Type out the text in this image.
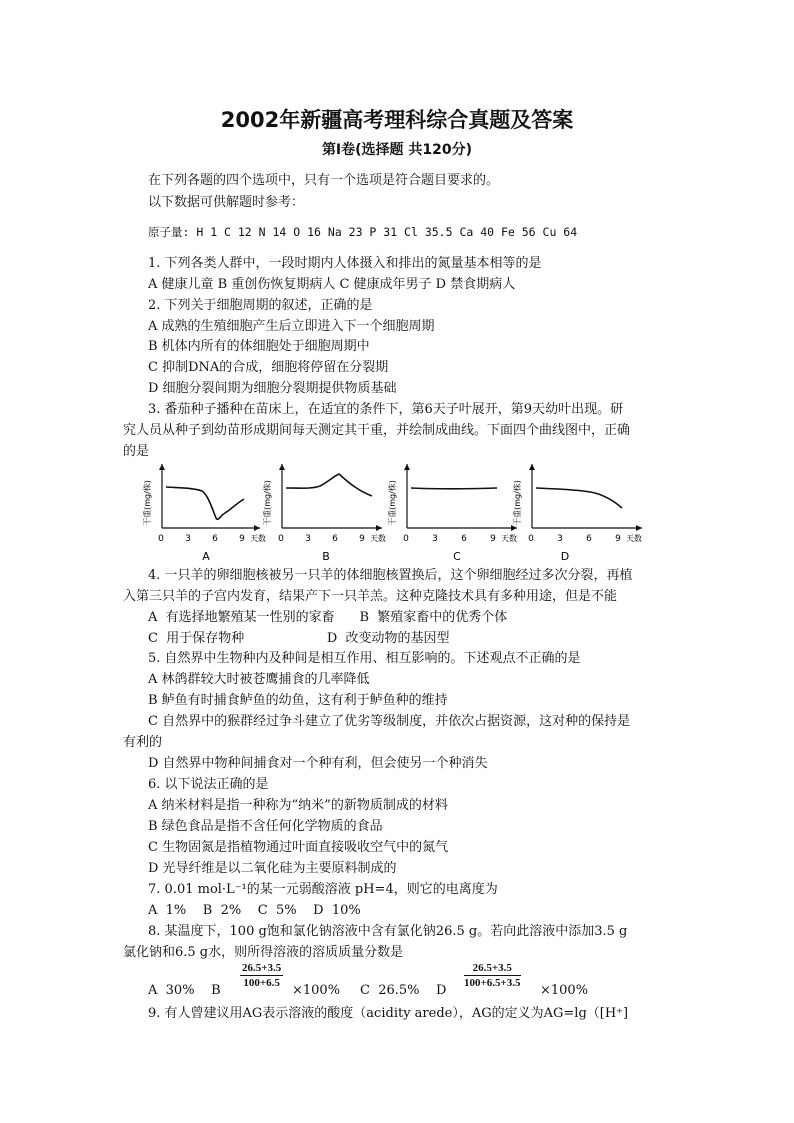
2002年新疆高考理科综合真题及答案
第I卷(选择题 共120分)
在下列各题的四个选项中，只有一个选项是符合题目要求的。
以下数据可供解题时参考：
原子量: H 1 C 12 N 14 O 16 Na 23 P 31 Cl 35.5 Ca 40 Fe 56 Cu 64
1. 下列各类人群中，一段时期内人体摄入和排出的氮量基本相等的是
A 健康儿童 B 重创伤恢复期病人 C 健康成年男子 D 禁食期病人
2. 下列关于细胞周期的叙述，正确的是
A 成熟的生殖细胞产生后立即进入下一个细胞周期
B 机体内所有的体细胞处于细胞周期中
C 抑制DNA的合成，细胞将停留在分裂期
D 细胞分裂间期为细胞分裂期提供物质基础
3. 番茄种子播种在苗床上，在适宜的条件下，第6天子叶展开，第9天幼叶出现。研
究人员从种子到幼苗形成期间每天测定其干重，并绘制成曲线。下面四个曲线图中，正确
的是
干重(mg/株)
0 3 6 9 天数
A
干重(mg/株)
0 3 6 9 天数
B
干重(mg/株)
0	3	6	9 天数
C
干重(mg/株)
0	3	6	9 天数
D
4. 一只羊的卵细胞核被另一只羊的体细胞核置换后，这个卵细胞经过多次分裂，再植
入第三只羊的子宫内发育，结果产下一只羊羔。这种克隆技术具有多种用途，但是不能
A  有选择地繁殖某一性别的家畜      B  繁殖家畜中的优秀个体
C  用于保存物种                    D  改变动物的基因型
5. 自然界中生物种内及种间是相互作用、相互影响的。下述观点不正确的是
A 林鸽群较大时被苍鹰捕食的几率降低
B 鲈鱼有时捕食鲈鱼的幼鱼，这有利于鲈鱼种的维持
C 自然界中的猴群经过争斗建立了优劣等级制度，并依次占据资源，这对种的保持是
有利的
D 自然界中物种间捕食对一个种有利，但会使另一个种消失
6. 以下说法正确的是
A 纳米材料是指一种称为“纳米”的新物质制成的材料
B 绿色食品是指不含任何化学物质的食品
C 生物固氮是指植物通过叶面直接吸收空气中的氮气
D 光导纤维是以二氧化硅为主要原料制成的
7. 0.01 mol·L⁻¹的某一元弱酸溶液 pH=4，则它的电离度为
A  1%    B  2%    C  5%    D  10%
8. 某温度下，100 g饱和氯化钠溶液中含有氯化钠26.5 g。若向此溶液中添加3.5 g
氯化钠和6.5 g水，则所得溶液的溶质质量分数是
A  30%    B
$\frac{26.5+3.5}{100+6.5}$
×100% C  26.5%    D
$\frac{26.5+3.5}{100+6.5+3.5}$
×100%
9. 有人曾建议用AG表示溶液的酸度（acidity arede），AG的定义为AG=lg（[H⁺]
